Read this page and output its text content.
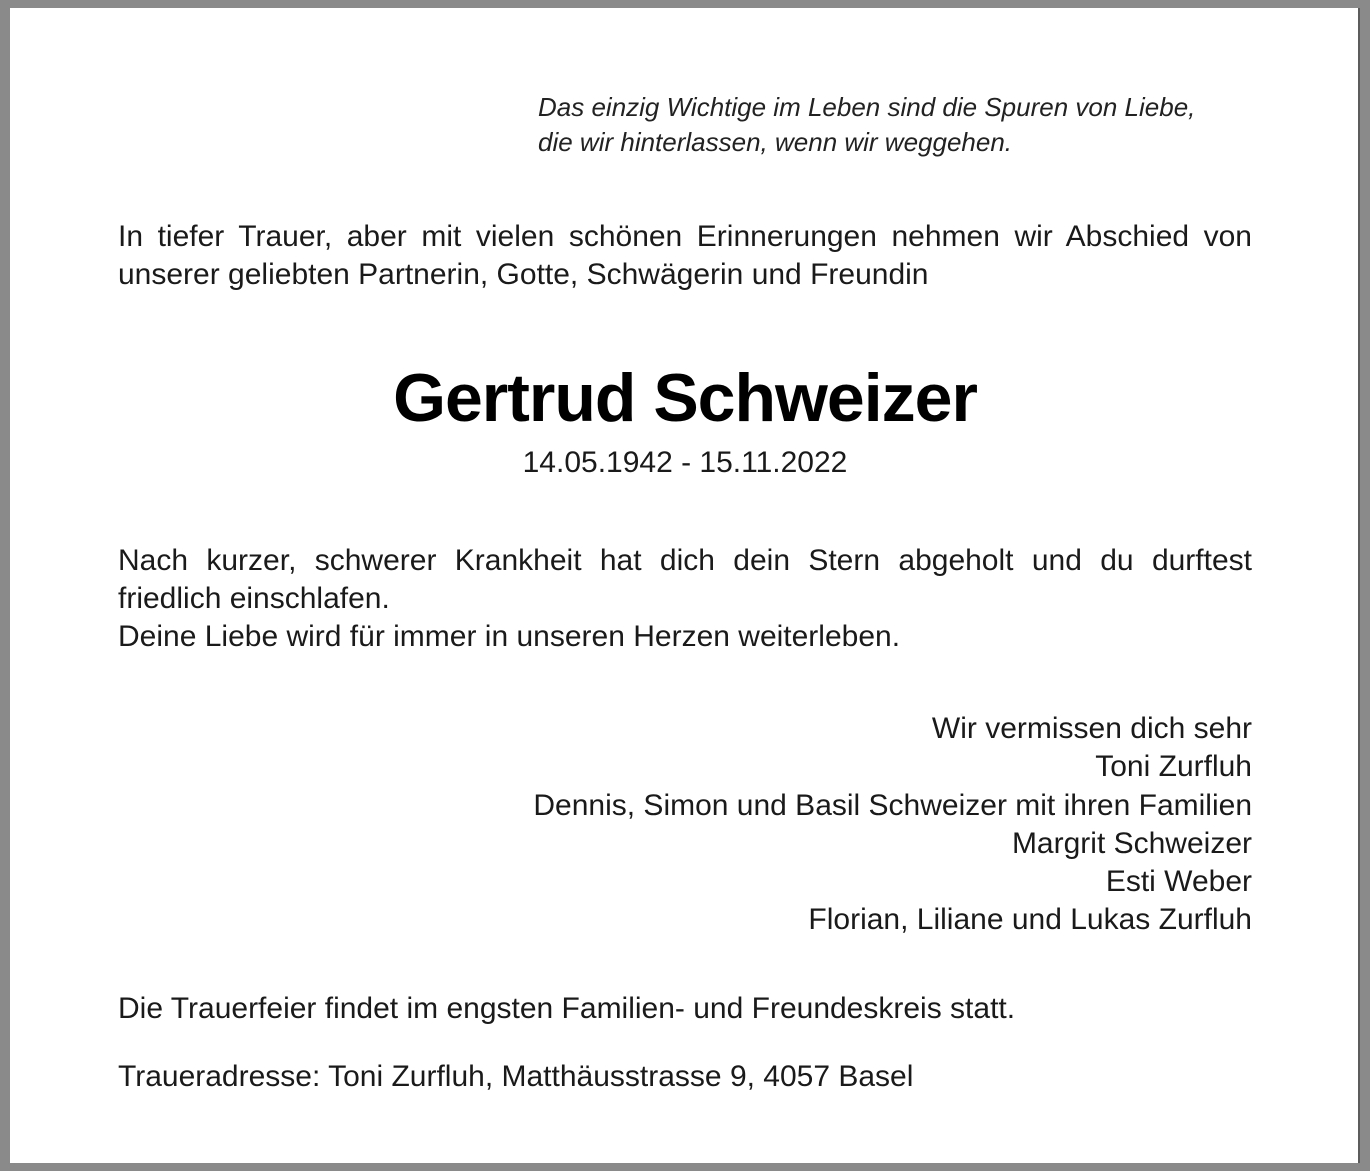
Das einzig Wichtige im Leben sind die Spuren von Liebe,
die wir hinterlassen, wenn wir weggehen.
In tiefer Trauer, aber mit vielen schönen Erinnerungen nehmen wir Abschied von unserer geliebten Partnerin, Gotte, Schwägerin und Freundin
Gertrud Schweizer
14.05.1942 - 15.11.2022

Nach kurzer, schwerer Krankheit hat dich dein Stern abgeholt und du durftest friedlich einschlafen.

Deine Liebe wird für immer in unseren Herzen weiterleben.

Wir vermissen dich sehr
Toni Zurfluh
Dennis, Simon und Basil Schweizer mit ihren Familien
Margrit Schweizer
Esti Weber
Florian, Liliane und Lukas Zurfluh
Die Trauerfeier findet im engsten Familien- und Freundeskreis statt.
Traueradresse: Toni Zurfluh, Matthäusstrasse 9, 4057 Basel
